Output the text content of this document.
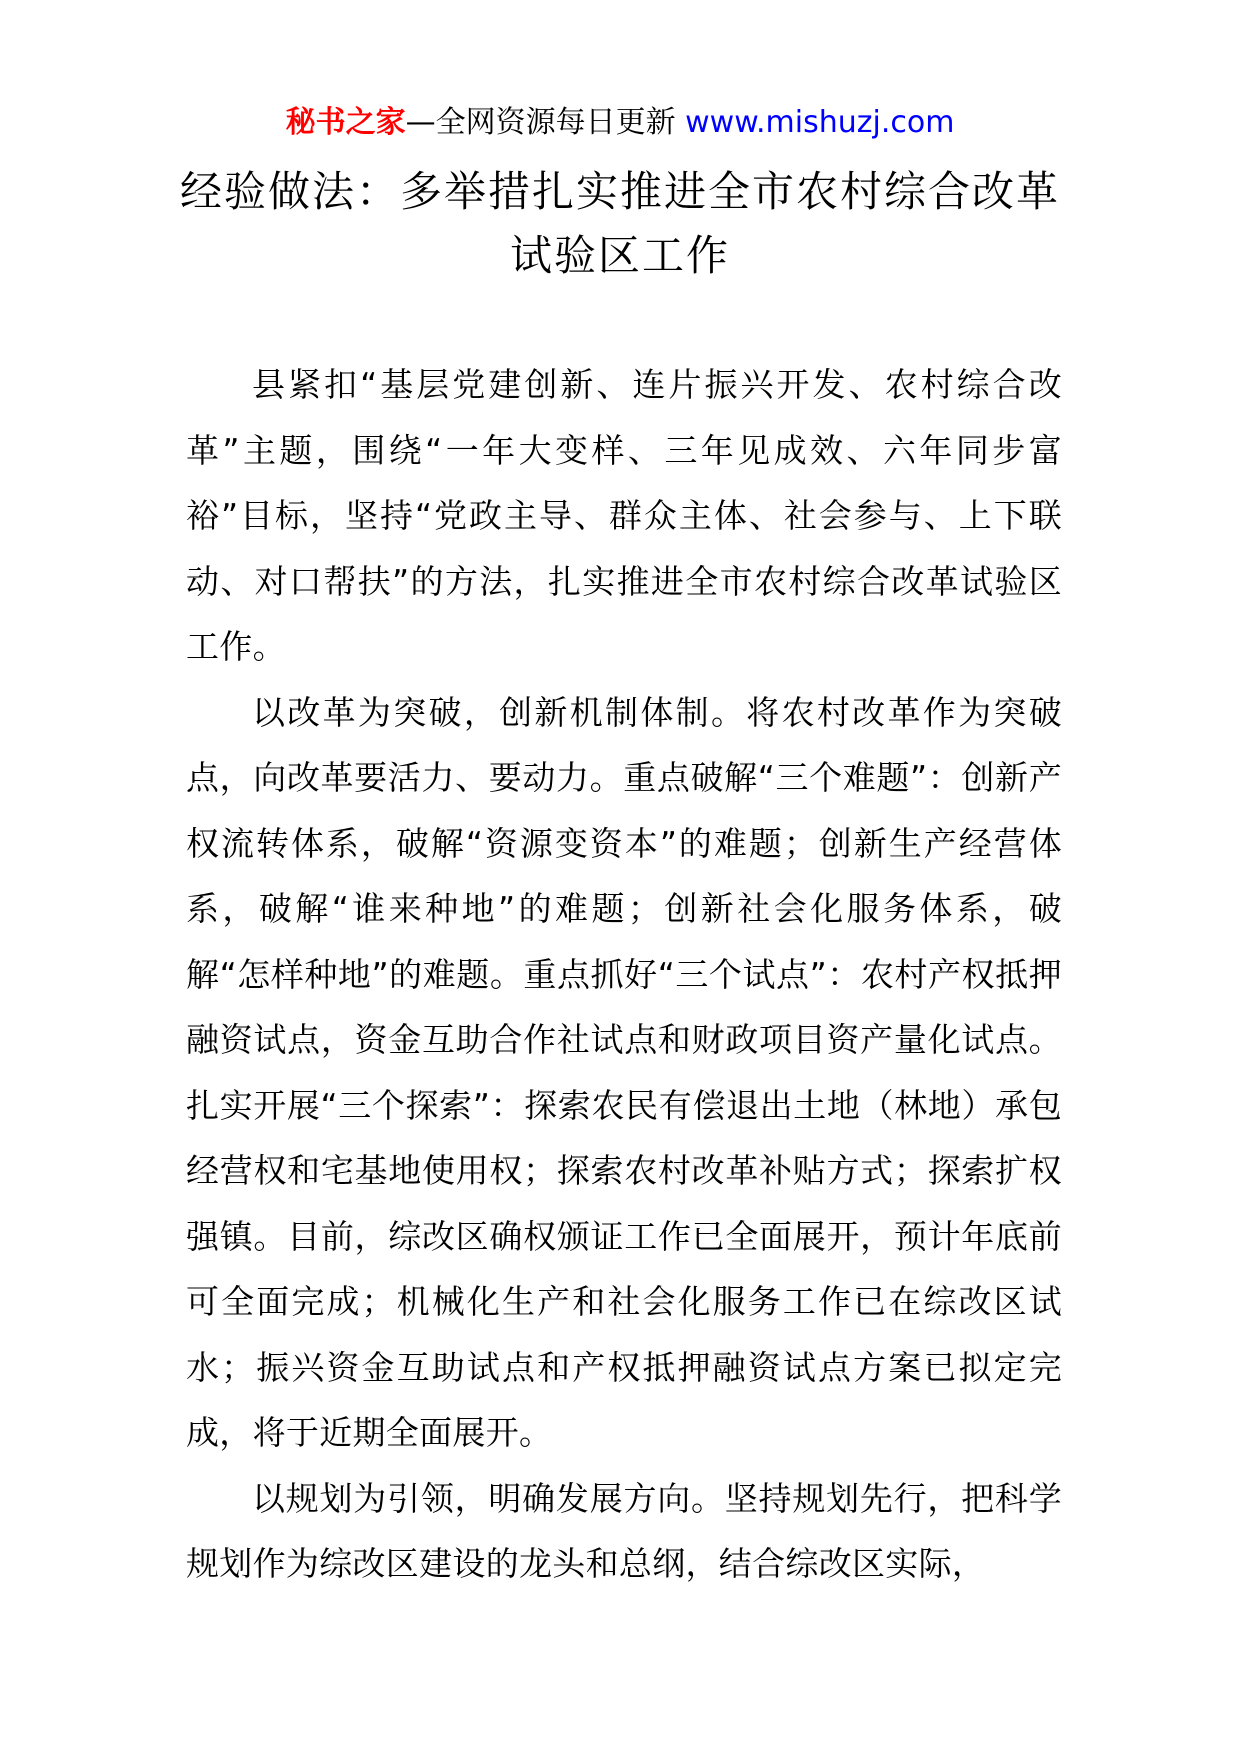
秘书之家—全网资源每日更新 www.mishuzj.com
经验做法：多举措扎实推进全市农村综合改革
试验区工作

县紧扣“基层党建创新、连片振兴开发、农村综合改革”主题，围绕“一年大变样、三年见成效、六年同步富裕”目标，坚持“党政主导、群众主体、社会参与、上下联动、对口帮扶”的方法，扎实推进全市农村综合改革试验区工作。

以改革为突破，创新机制体制。将农村改革作为突破点，向改革要活力、要动力。重点破解“三个难题”：创新产权流转体系，破解“资源变资本”的难题；创新生产经营体系，破解“谁来种地”的难题；创新社会化服务体系，破解“怎样种地”的难题。重点抓好“三个试点”：农村产权抵押融资试点，资金互助合作社试点和财政项目资产量化试点。扎实开展“三个探索”：探索农民有偿退出土地（林地）承包经营权和宅基地使用权；探索农村改革补贴方式；探索扩权强镇。目前，综改区确权颁证工作已全面展开，预计年底前可全面完成；机械化生产和社会化服务工作已在综改区试水；振兴资金互助试点和产权抵押融资试点方案已拟定完成，将于近期全面展开。

以规划为引领，明确发展方向。坚持规划先行，把科学规划作为综改区建设的龙头和总纲，结合综改区实际，
